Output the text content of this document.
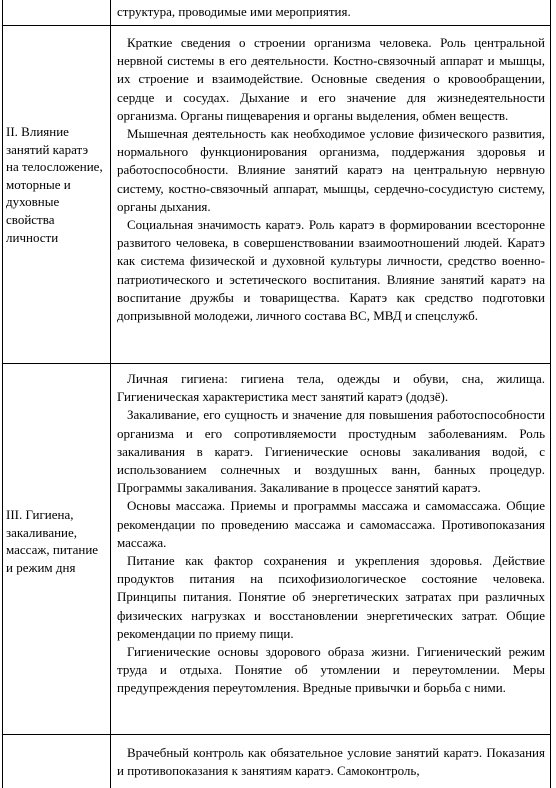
структура, проводимые ими мероприятия.

II. Влияние занятий каратэ на телосложение, моторные и духовные свойства личности

Краткие сведения о строении организма человека. Роль центральной нервной системы в его деятельности. Костно-связочный аппарат и мышцы, их строение и взаимодействие. Основные сведения о кровообращении, сердце и сосудах. Дыхание и его значение для жизнедеятельности организма. Органы пищеварения и органы выделения, обмен веществ.

Мышечная деятельность как необходимое условие физического развития, нормального функционирования организма, поддержания здоровья и работоспособности. Влияние занятий каратэ на центральную нервную систему, костно-связочный аппарат, мышцы, сердечно-сосудистую систему, органы дыхания.

Социальная значимость каратэ. Роль каратэ в формировании всесторонне развитого человека, в совершенствовании взаимоотношений людей. Каратэ как система физической и духовной культуры личности, средство военно-патриотического и эстетического воспитания. Влияние занятий каратэ на воспитание дружбы и товарищества. Каратэ как средство подготовки допризывной молодежи, личного состава ВС, МВД и спецслужб.

III. Гигиена, закаливание, массаж, питание и режим дня

Личная гигиена: гигиена тела, одежды и обуви, сна, жилища. Гигиеническая характеристика мест занятий каратэ (додзё).

Закаливание, его сущность и значение для повышения работоспособности организма и его сопротивляемости простудным заболеваниям. Роль закаливания в каратэ. Гигиенические основы закаливания водой, с использованием солнечных и воздушных ванн, банных процедур. Программы закаливания. Закаливание в процессе занятий каратэ.

Основы массажа. Приемы и программы массажа и самомассажа. Общие рекомендации по проведению массажа и самомассажа. Противопоказания массажа.

Питание как фактор сохранения и укрепления здоровья. Действие продуктов питания на психофизиологическое состояние человека. Принципы питания. Понятие об энергетических затратах при различных физических нагрузках и восстановлении энергетических затрат. Общие рекомендации по приему пищи.

Гигиенические основы здорового образа жизни. Гигиенический режим труда и отдыха. Понятие об утомлении и переутомлении. Меры предупреждения переутомления. Вредные привычки и борьба с ними.

Врачебный контроль как обязательное условие занятий каратэ. Показания и противопоказания к занятиям каратэ. Самоконтроль,
